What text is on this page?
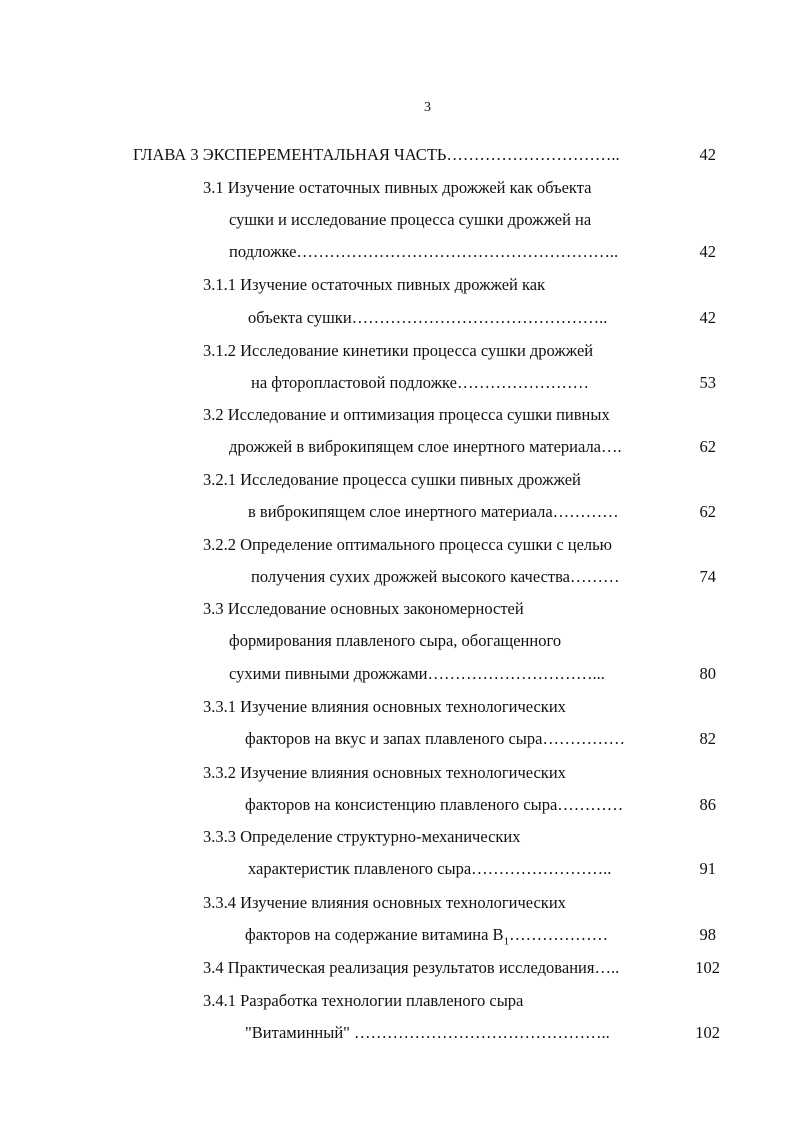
3
ГЛАВА 3 ЭКСПЕРЕМЕНТАЛЬНАЯ ЧАСТЬ…………………………..	42
3.1 Изучение остаточных пивных дрожжей как объекта
сушки и исследование процесса сушки дрожжей на
подложке…………………………………………………..	42
3.1.1 Изучение остаточных пивных дрожжей как
объекта сушки………………………………………..	42
3.1.2 Исследование кинетики процесса сушки дрожжей
на фторопластовой подложке……………………	53
3.2 Исследование и оптимизация процесса сушки пивных
дрожжей в виброкипящем слое инертного материала….	62
3.2.1 Исследование процесса сушки пивных дрожжей
в виброкипящем слое инертного материала…………	62
3.2.2 Определение оптимального процесса сушки с целью
получения сухих дрожжей высокого качества………	74
3.3 Исследование основных закономерностей
формирования плавленого сыра, обогащенного
сухими пивными дрожжами…………………………...	80
3.3.1 Изучение влияния основных технологических
факторов на вкус и запах плавленого сыра……………	82
3.3.2 Изучение влияния основных технологических
факторов на консистенцию плавленого сыра…………	86
3.3.3 Определение структурно-механических
характеристик плавленого сыра……………………..	91
3.3.4 Изучение влияния основных технологических
факторов на содержание витамина $В_1\dots\dots\dots\dots\dots\dots$	98
3.4 Практическая реализация результатов исследования…..	102
3.4.1 Разработка технологии плавленого сыра
"Витаминный" ………………………………………..	102
